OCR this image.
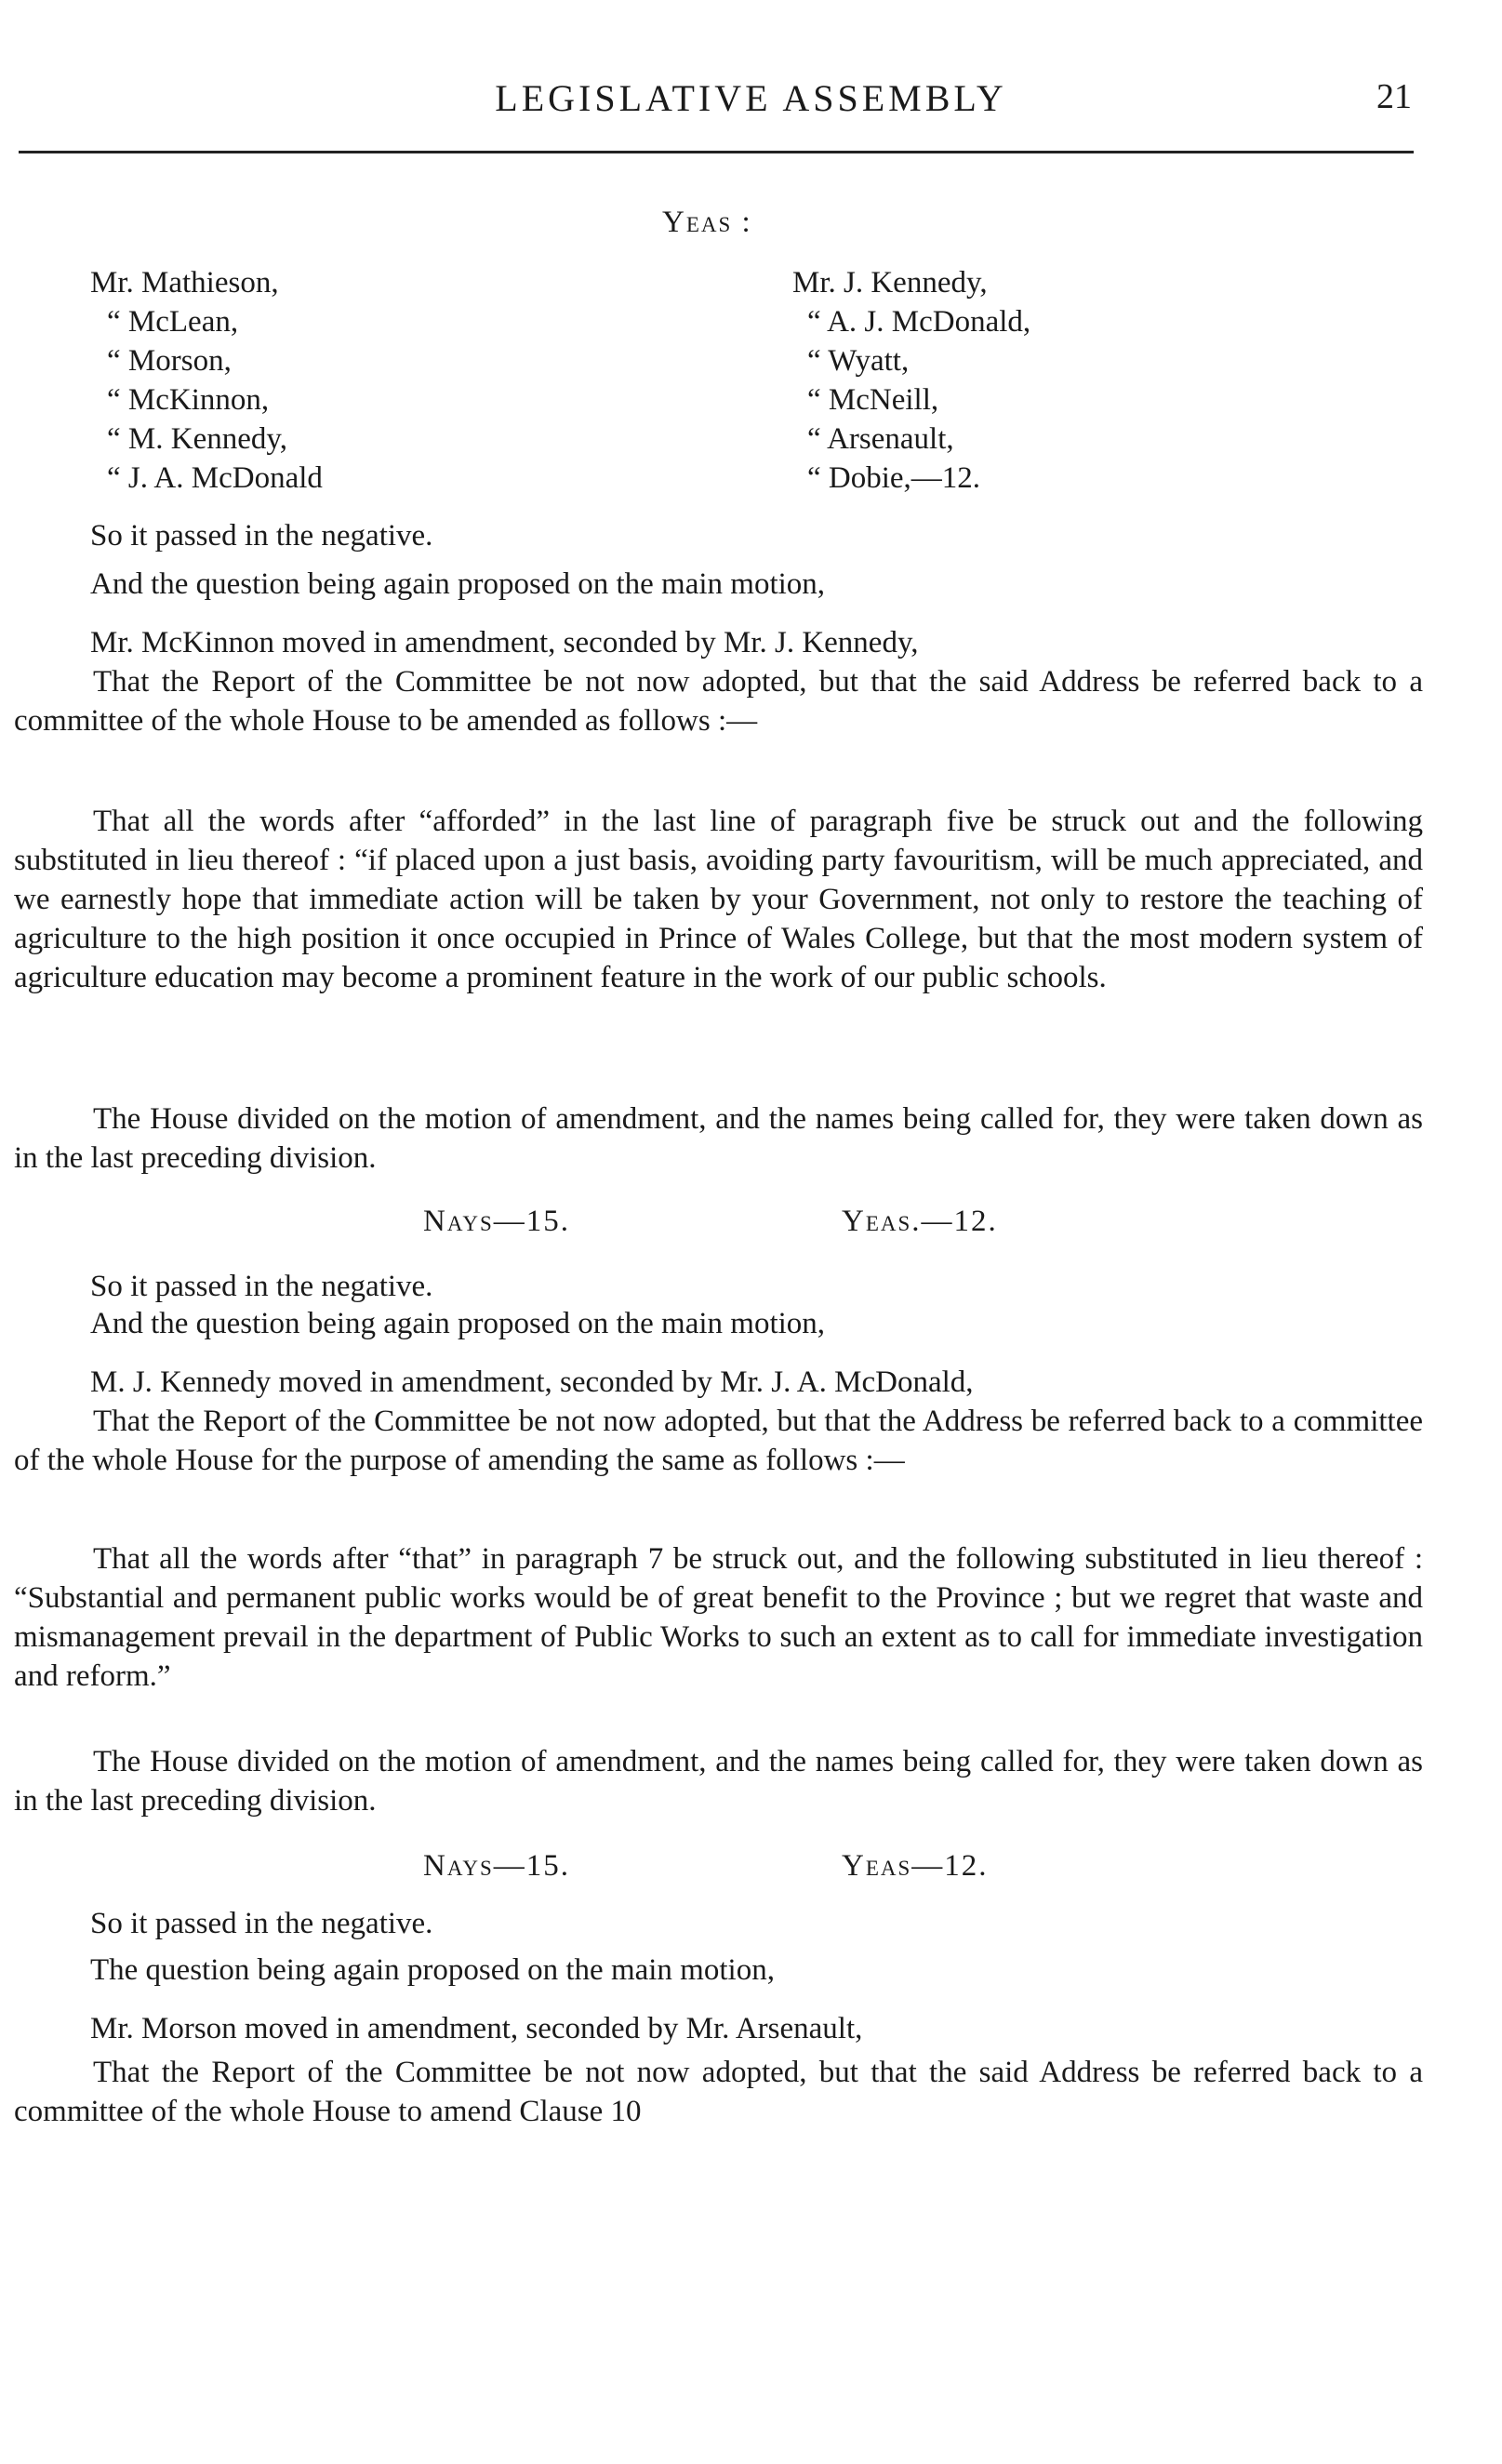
LEGISLATIVE ASSEMBLY	21
Yeas :
Mr. Mathieson,
“ McLean,
“ Morson,
“ McKinnon,
“ M. Kennedy,
“ J. A. McDonald
Mr. J. Kennedy,
“ A. J. McDonald,
“ Wyatt,
“ McNeill,
“ Arsenault,
“ Dobie,—12.
So it passed in the negative.
And the question being again proposed on the main motion,
Mr. McKinnon moved in amendment, seconded by Mr. J. Kennedy,
That the Report of the Committee be not now adopted, but that the said Address be referred back to a committee of the whole House to be amended as follows :—
That all the words after “afforded” in the last line of paragraph five be struck out and the following substituted in lieu thereof : “if placed upon a just basis, avoiding party favouritism, will be much appreciated, and we earnestly hope that immediate action will be taken by your Government, not only to restore the teaching of agriculture to the high position it once occupied in Prince of Wales College, but that the most modern system of agriculture education may become a prominent feature in the work of our public schools.
The House divided on the motion of amendment, and the names being called for, they were taken down as in the last preceding division.
Nays—15.	Yeas.—12.
So it passed in the negative.
And the question being again proposed on the main motion,
M. J. Kennedy moved in amendment, seconded by Mr. J. A. McDonald,
That the Report of the Committee be not now adopted, but that the Address be referred back to a committee of the whole House for the purpose of amending the same as follows :—
That all the words after “that” in paragraph 7 be struck out, and the following substituted in lieu thereof : “Substantial and permanent public works would be of great benefit to the Province ; but we regret that waste and mismanagement prevail in the department of Public Works to such an extent as to call for immediate investigation and reform.”
The House divided on the motion of amendment, and the names being called for, they were taken down as in the last preceding division.
Nays—15.	Yeas—12.
So it passed in the negative.
The question being again proposed on the main motion,
Mr. Morson moved in amendment, seconded by Mr. Arsenault,
That the Report of the Committee be not now adopted, but that the said Address be referred back to a committee of the whole House to amend Clause 10
